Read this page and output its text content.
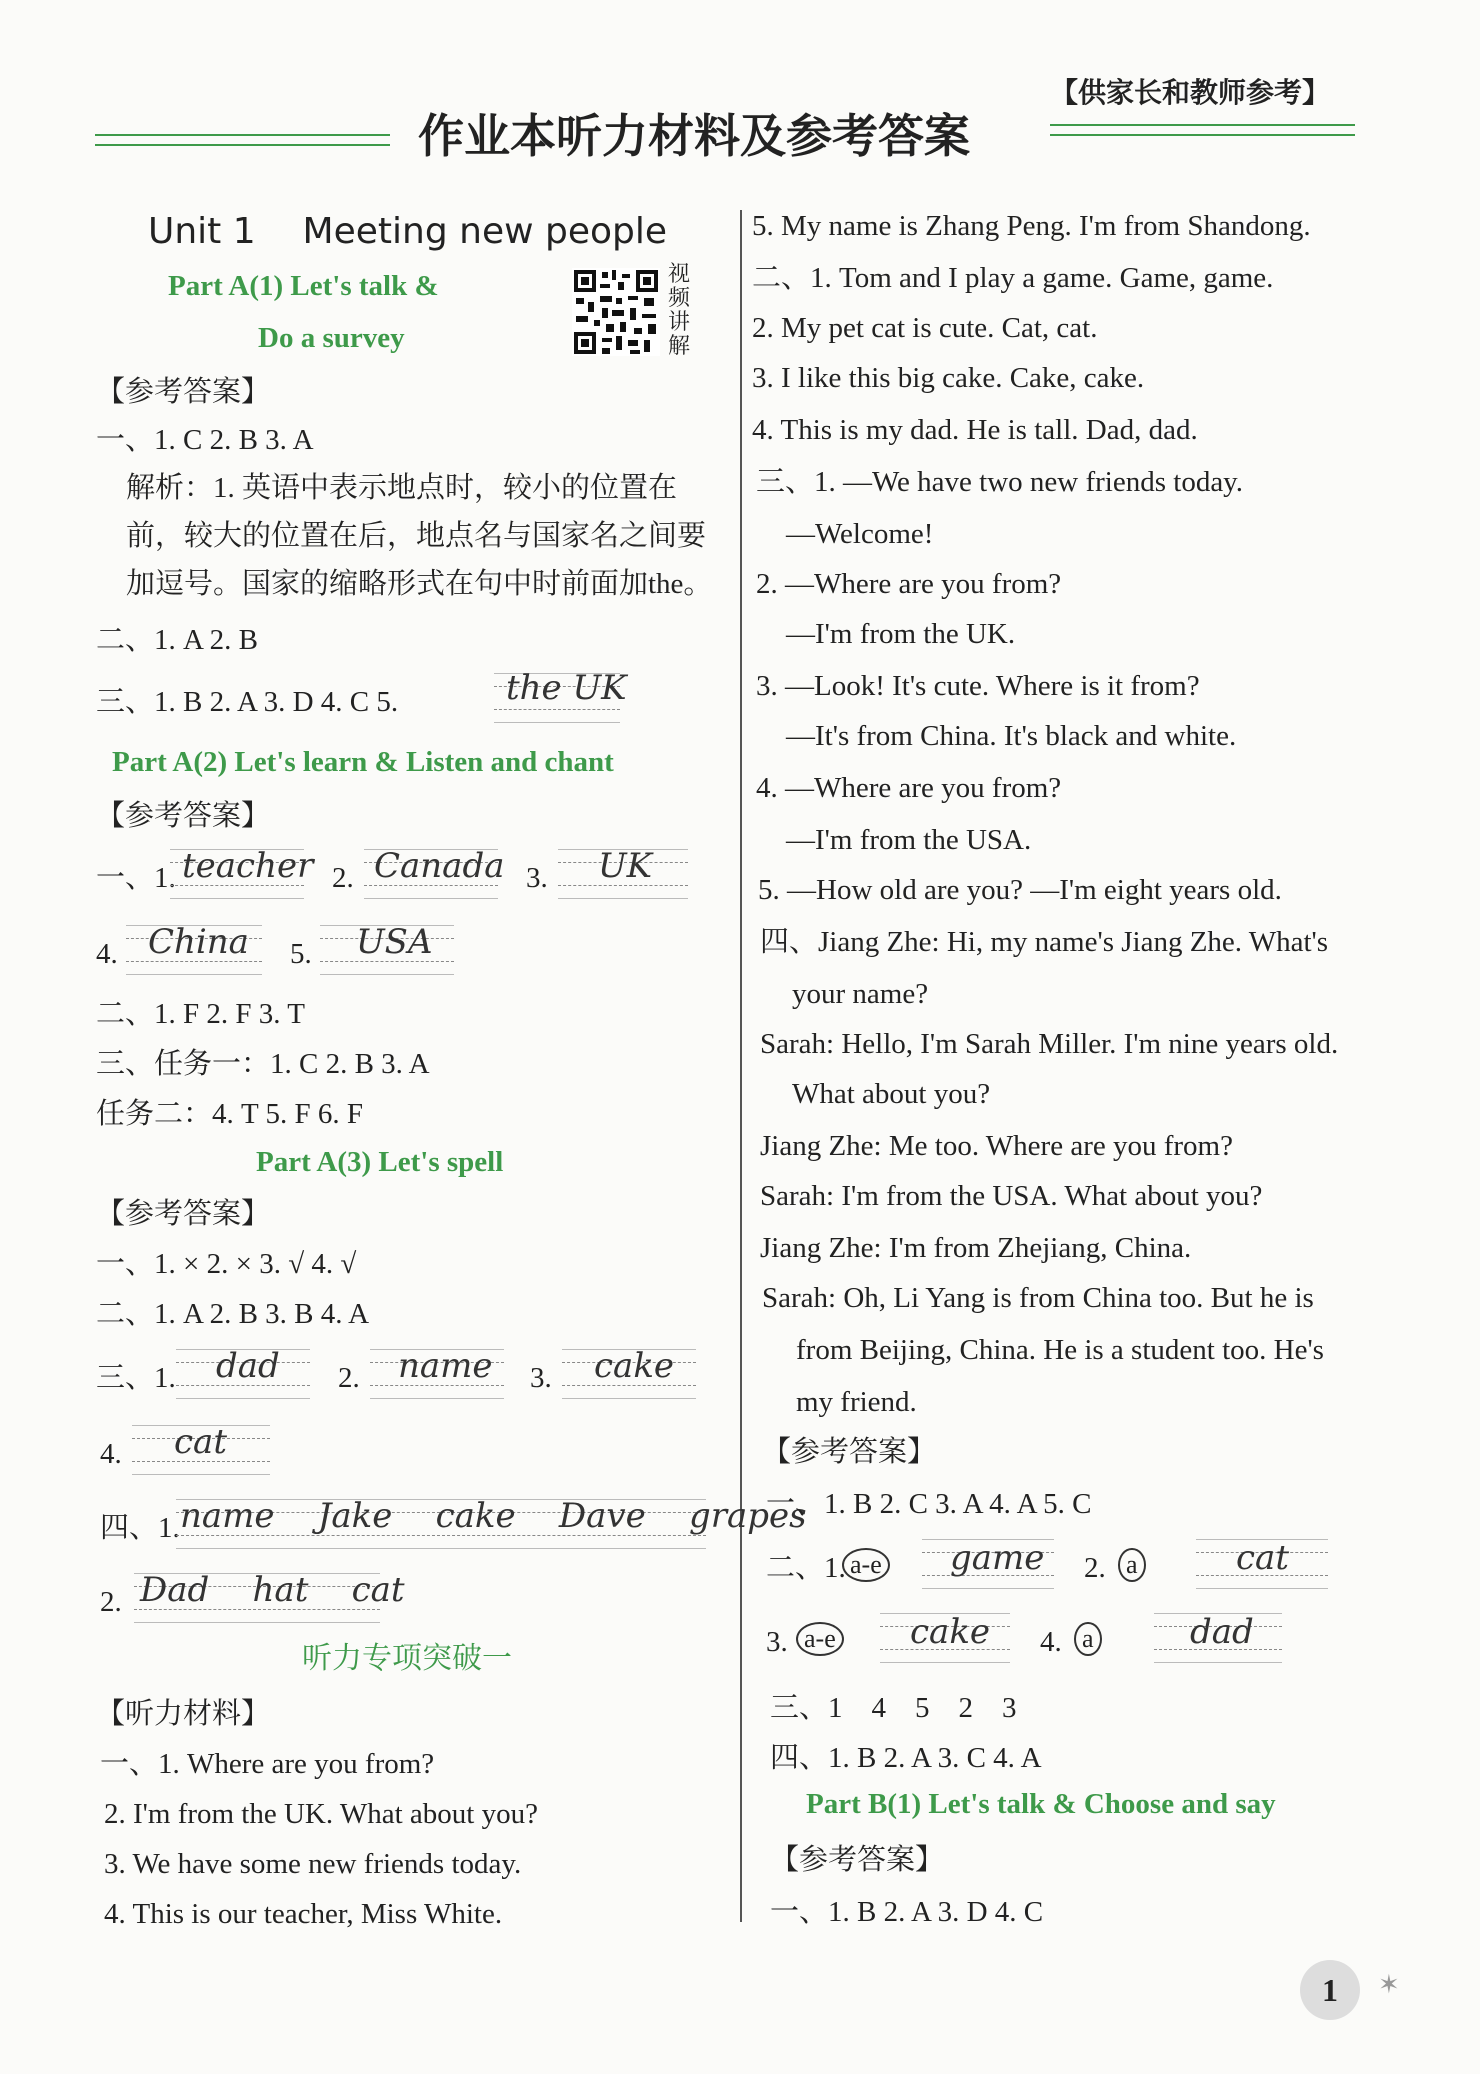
作业本听力材料及参考答案
【供家长和教师参考】
Unit 1 Meeting new people
Part A(1) Let's talk &
Do a survey
视
频
讲
解
【参考答案】
一、1. C 2. B 3. A
解析：1. 英语中表示地点时，较小的位置在
前，较大的位置在后，地点名与国家名之间要
加逗号。国家的缩略形式在句中时前面加the。
二、1. A 2. B
三、1. B 2. A 3. D 4. C 5.	the UK
Part A(2) Let's learn & Listen and chant
【参考答案】
一、1. teacher 2. Canada 3. UK
4. China 5. USA
二、1. F 2. F 3. T
三、任务一：1. C 2. B 3. A
任务二：4. T 5. F 6. F
Part A(3) Let's spell
【参考答案】
一、1. × 2. × 3. √ 4. √
二、1. A 2. B 3. B 4. A
三、1. dad 2. name 3. cake
4. cat
四、1. name    Jake    cake    Dave    grapes
2. Dad    hat    cat
听力专项突破一
【听力材料】
一、1. Where are you from?
2. I'm from the UK. What about you?
3. We have some new friends today.
4. This is our teacher, Miss White.
5. My name is Zhang Peng. I'm from Shandong.
二、1. Tom and I play a game. Game, game.
2. My pet cat is cute. Cat, cat.
3. I like this big cake. Cake, cake.
4. This is my dad. He is tall. Dad, dad.
三、1. —We have two new friends today.
—Welcome!
2. —Where are you from?
—I'm from the UK.
3. —Look! It's cute. Where is it from?
—It's from China. It's black and white.
4. —Where are you from?
—I'm from the USA.
5. —How old are you? —I'm eight years old.
四、Jiang Zhe: Hi, my name's Jiang Zhe. What's
your name?
Sarah: Hello, I'm Sarah Miller. I'm nine years old.
What about you?
Jiang Zhe: Me too. Where are you from?
Sarah: I'm from the USA. What about you?
Jiang Zhe: I'm from Zhejiang, China.
Sarah: Oh, Li Yang is from China too. But he is
from Beijing, China. He is a student too. He's
my friend.
【参考答案】
一、1. B 2. C 3. A 4. A 5. C
二、1. a-e game 2. a	cat
3. a-e cake 4. a	dad
三、1    4    5    2    3
四、1. B 2. A 3. C 4. A
Part B(1) Let's talk & Choose and say
【参考答案】
一、1. B 2. A 3. D 4. C
1	✶
